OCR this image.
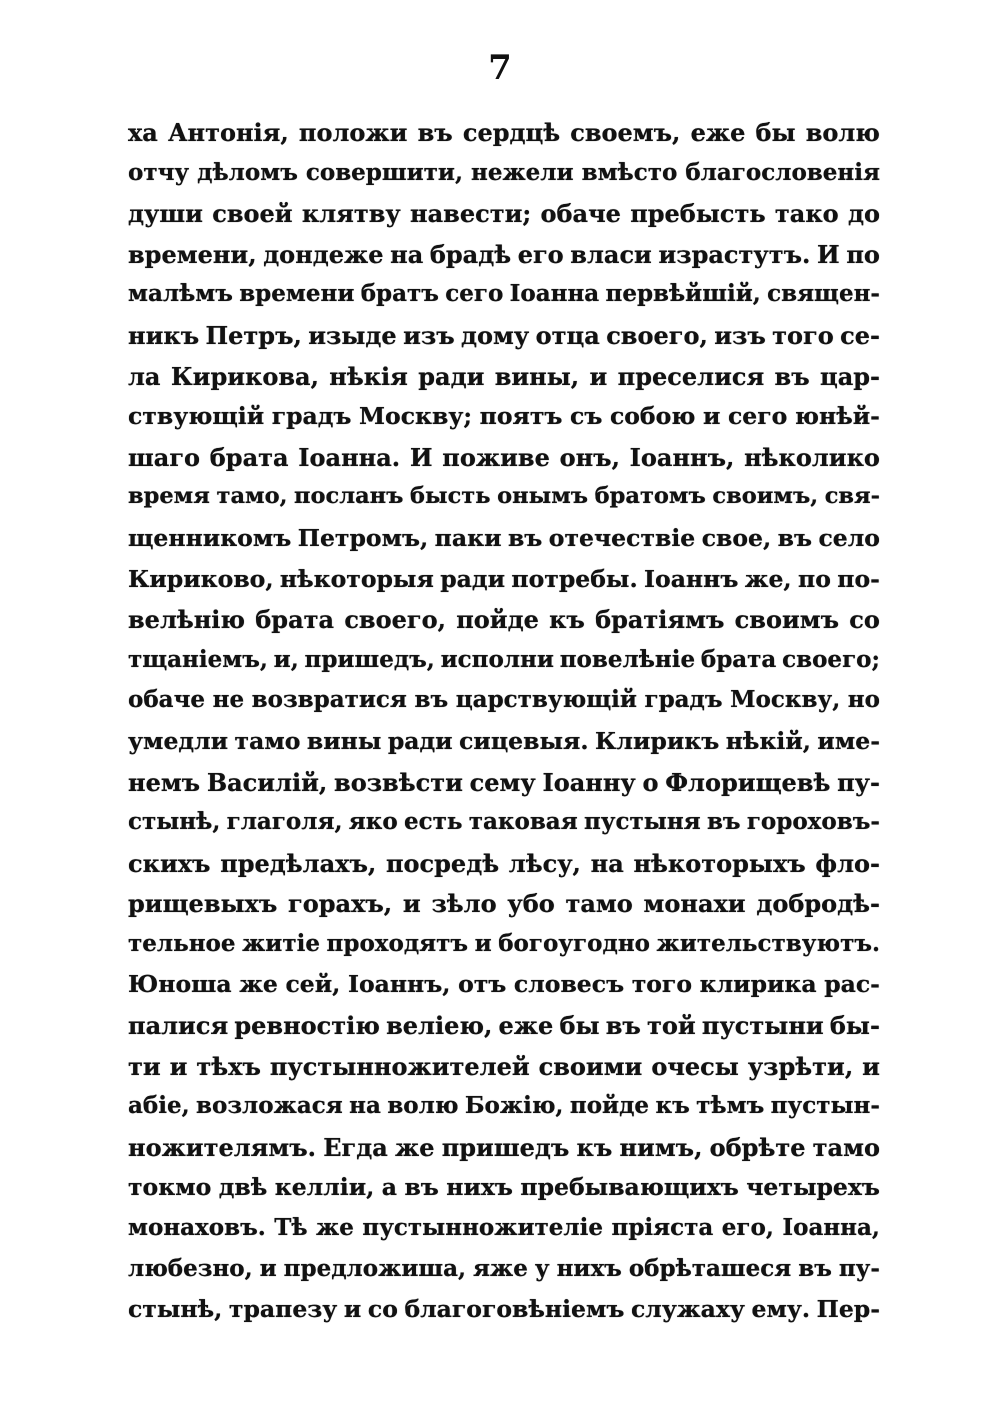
7
ха Антонія, положи въ сердцѣ своемъ, еже бы волю
отчу дѣломъ совершити, нежели вмѣсто благословенія
души своей клятву навести; обаче пребысть тако до
времени, дондеже на брадѣ его власи израстутъ. И по
малѣмъ времени братъ сего Іоанна первѣйшій, священ-
никъ Петръ, изыде изъ дому отца своего, изъ того се-
ла Кирикова, нѣкія ради вины, и преселися въ цар-
ствующій градъ Москву; поятъ съ собою и сего юнѣй-
шаго брата Іоанна. И поживе онъ, Іоаннъ, нѣколико
время тамо, посланъ бысть онымъ братомъ своимъ, свя-
щенникомъ Петромъ, паки въ отечествіе свое, въ село
Кириково, нѣкоторыя ради потребы. Іоаннъ же, по по-
велѣнію брата своего, пойде къ братіямъ своимъ со
тщаніемъ, и, пришедъ, исполни повелѣніе брата своего;
обаче не возвратися въ царствующій градъ Москву, но
умедли тамо вины ради сицевыя. Клирикъ нѣкій, име-
немъ Василій, возвѣсти сему Іоанну о Флорищевѣ пу-
стынѣ, глаголя, яко есть таковая пустыня въ гороховъ-
скихъ предѣлахъ, посредѣ лѣсу, на нѣкоторыхъ фло-
рищевыхъ горахъ, и зѣло убо тамо монахи добродѣ-
тельное житіе проходятъ и богоугодно жительствуютъ.
Юноша же сей, Іоаннъ, отъ словесъ того клирика рас-
палися ревностію веліею, еже бы въ той пустыни бы-
ти и тѣхъ пустынножителей своими очесы узрѣти, и
абіе, возложася на волю Божію, пойде къ тѣмъ пустын-
ножителямъ. Егда же пришедъ къ нимъ, обрѣте тамо
токмо двѣ келліи, а въ нихъ пребывающихъ четырехъ
монаховъ. Тѣ же пустынножителіе пріяста его, Іоанна,
любезно, и предложиша, яже у нихъ обрѣташеся въ пу-
стынѣ, трапезу и со благоговѣніемъ служаху ему. Пер-
